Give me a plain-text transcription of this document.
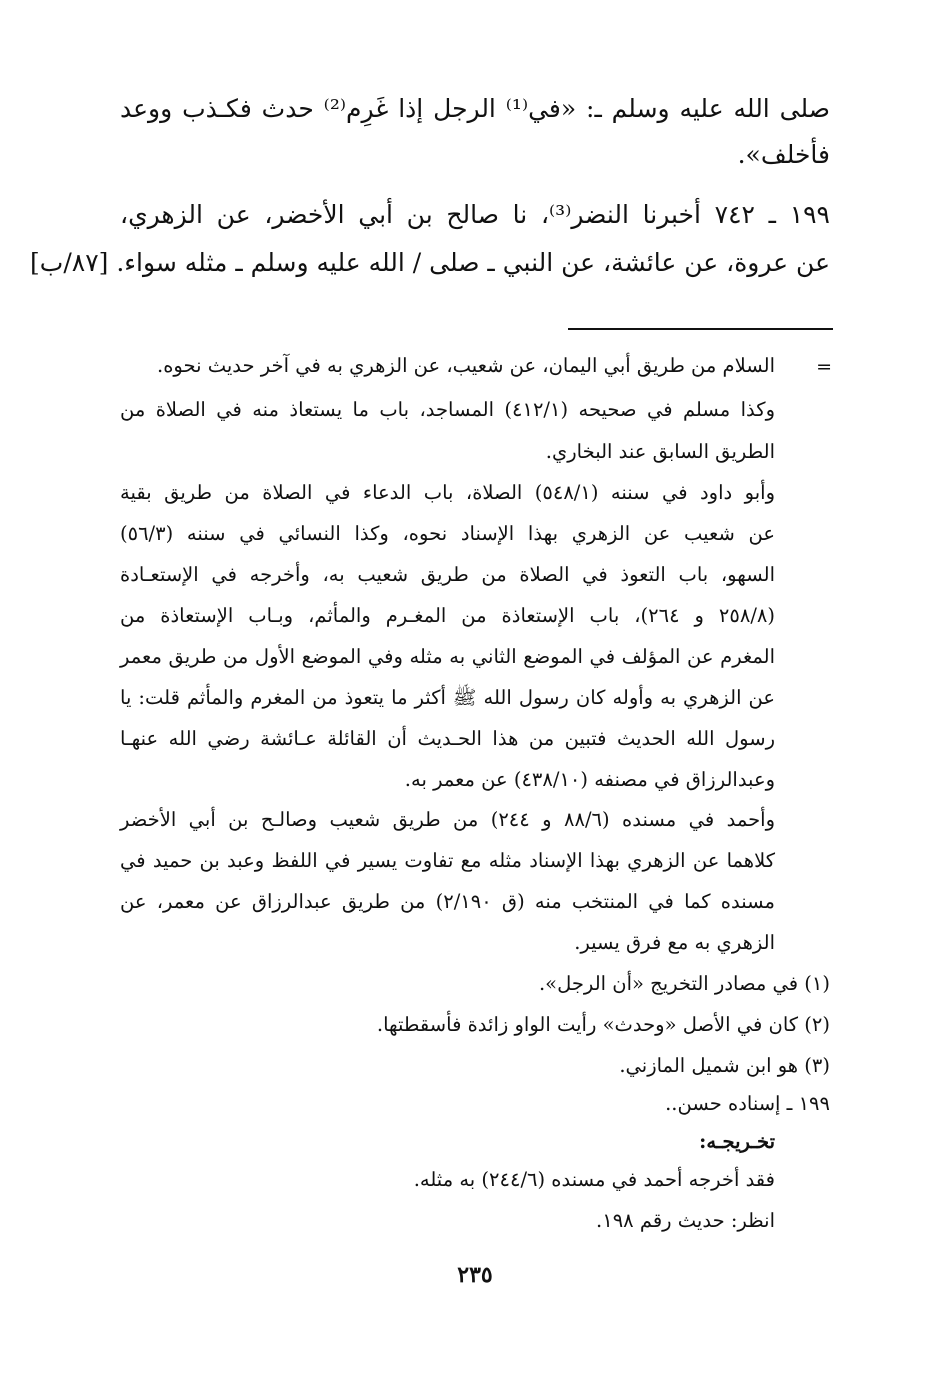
صلى الله عليه وسلم ـ: «في⁽¹⁾ الرجل إذا غَرِم⁽²⁾ حدث فكـذب ووعد
فأخلف».
١٩٩ ـ ٧٤٢ أخبرنا النضر⁽³⁾، نا صالح بن أبي الأخضر، عن الزهري،
عن عروة، عن عائشة، عن النبي ـ صلى / الله عليه وسلم ـ مثله سواء. [٨٧/ب]
=
السلام من طريق أبي اليمان، عن شعيب، عن الزهري به في آخر حديث نحوه.
وكذا مسلم في صحيحه (٤١٢/١) المساجد، باب ما يستعاذ منه في الصلاة من
الطريق السابق عند البخاري.
وأبو داود في سننه (٥٤٨/١) الصلاة، باب الدعاء في الصلاة من طريق بقية
عن شعيب عن الزهري بهذا الإسناد نحوه، وكذا النسائي في سننه (٥٦/٣)
السهو، باب التعوذ في الصلاة من طريق شعيب به، وأخرجه في الإستعـادة
(٢٥٨/٨ و ٢٦٤)، باب الإستعاذة من المغـرم والمأثم، وبـاب الإستعاذة من
المغرم عن المؤلف في الموضع الثاني به مثله وفي الموضع الأول من طريق معمر
عن الزهري به وأوله كان رسول الله ﷺ أكثر ما يتعوذ من المغرم والمأثم قلت: يا
رسول الله الحديث فتبين من هذا الحـديث أن القائلة عـائشة رضي الله عنهـا
وعبدالرزاق في مصنفه (٤٣٨/١٠) عن معمر به.
وأحمد في مسنده (٨٨/٦ و ٢٤٤) من طريق شعيب وصالـح بن أبي الأخضر
كلاهما عن الزهري بهذا الإسناد مثله مع تفاوت يسير في اللفظ وعبد بن حميد في
مسنده كما في المنتخب منه (ق ٢/١٩٠) من طريق عبدالرزاق عن معمر، عن
الزهري به مع فرق يسير.
(١) في مصادر التخريج «أن الرجل».
(٢) كان في الأصل «وحدث» رأيت الواو زائدة فأسقطتها.
(٣) هو ابن شميل المازني.
١٩٩ ـ إسناده حسن..
تخـريجـه:
فقد أخرجه أحمد في مسنده (٢٤٤/٦) به مثله.
انظر: حديث رقم ١٩٨.
٢٣٥
